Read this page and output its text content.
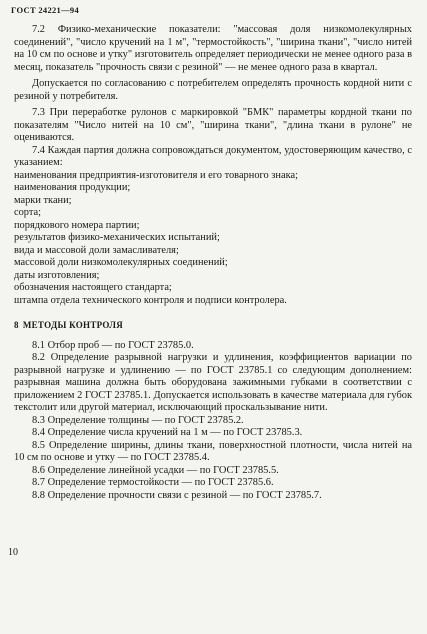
ГОСТ 24221—94

7.2 Физико-механические показатели: "массовая доля низкомолекулярных соединений", "число кручений на 1 м", "термостойкость", "ширина ткани", "число нитей на 10 см по основе и утку" изготовитель определяет периодически не менее одного раза в месяц, показатель "прочность связи с резиной" — не менее одного раза в квартал.

Допускается по согласованию с потребителем определять прочность кордной нити с резиной у потребителя.

7.3 При переработке рулонов с маркировкой "БМК" параметры кордной ткани по показателям "Число нитей на 10 см", "ширина ткани", "длина ткани в рулоне" не оцениваются.

7.4 Каждая партия должна сопровождаться документом, удостоверяющим качество, с указанием:

наименования предприятия-изготовителя и его товарного знака;
наименования продукции;
марки ткани;
сорта;
порядкового номера партии;
результатов физико-механических испытаний;
вида и массовой доли замасливателя;
массовой доли низкомолекулярных соединений;
даты изготовления;
обозначения настоящего стандарта;
штампа отдела технического контроля и подписи контролера.
8 МЕТОДЫ КОНТРОЛЯ

8.1 Отбор проб — по ГОСТ 23785.0.

8.2 Определение разрывной нагрузки и удлинения, коэффициентов вариации по разрывной нагрузке и удлинению — по ГОСТ 23785.1 со следующим дополнением: разрывная машина должна быть оборудована зажимными губками в соответствии с приложением 2 ГОСТ 23785.1. Допускается использовать в качестве материала для губок текстолит или другой материал, исключающий проскальзывание нити.

8.3 Определение толщины — по ГОСТ 23785.2.

8.4 Определение числа кручений на 1 м — по ГОСТ 23785.3.

8.5 Определение ширины, длины ткани, поверхностной плотности, числа нитей на 10 см по основе и утку — по ГОСТ 23785.4.

8.6 Определение линейной усадки — по ГОСТ 23785.5.

8.7 Определение термостойкости — по ГОСТ 23785.6.

8.8 Определение прочности связи с резиной — по ГОСТ 23785.7.

10
